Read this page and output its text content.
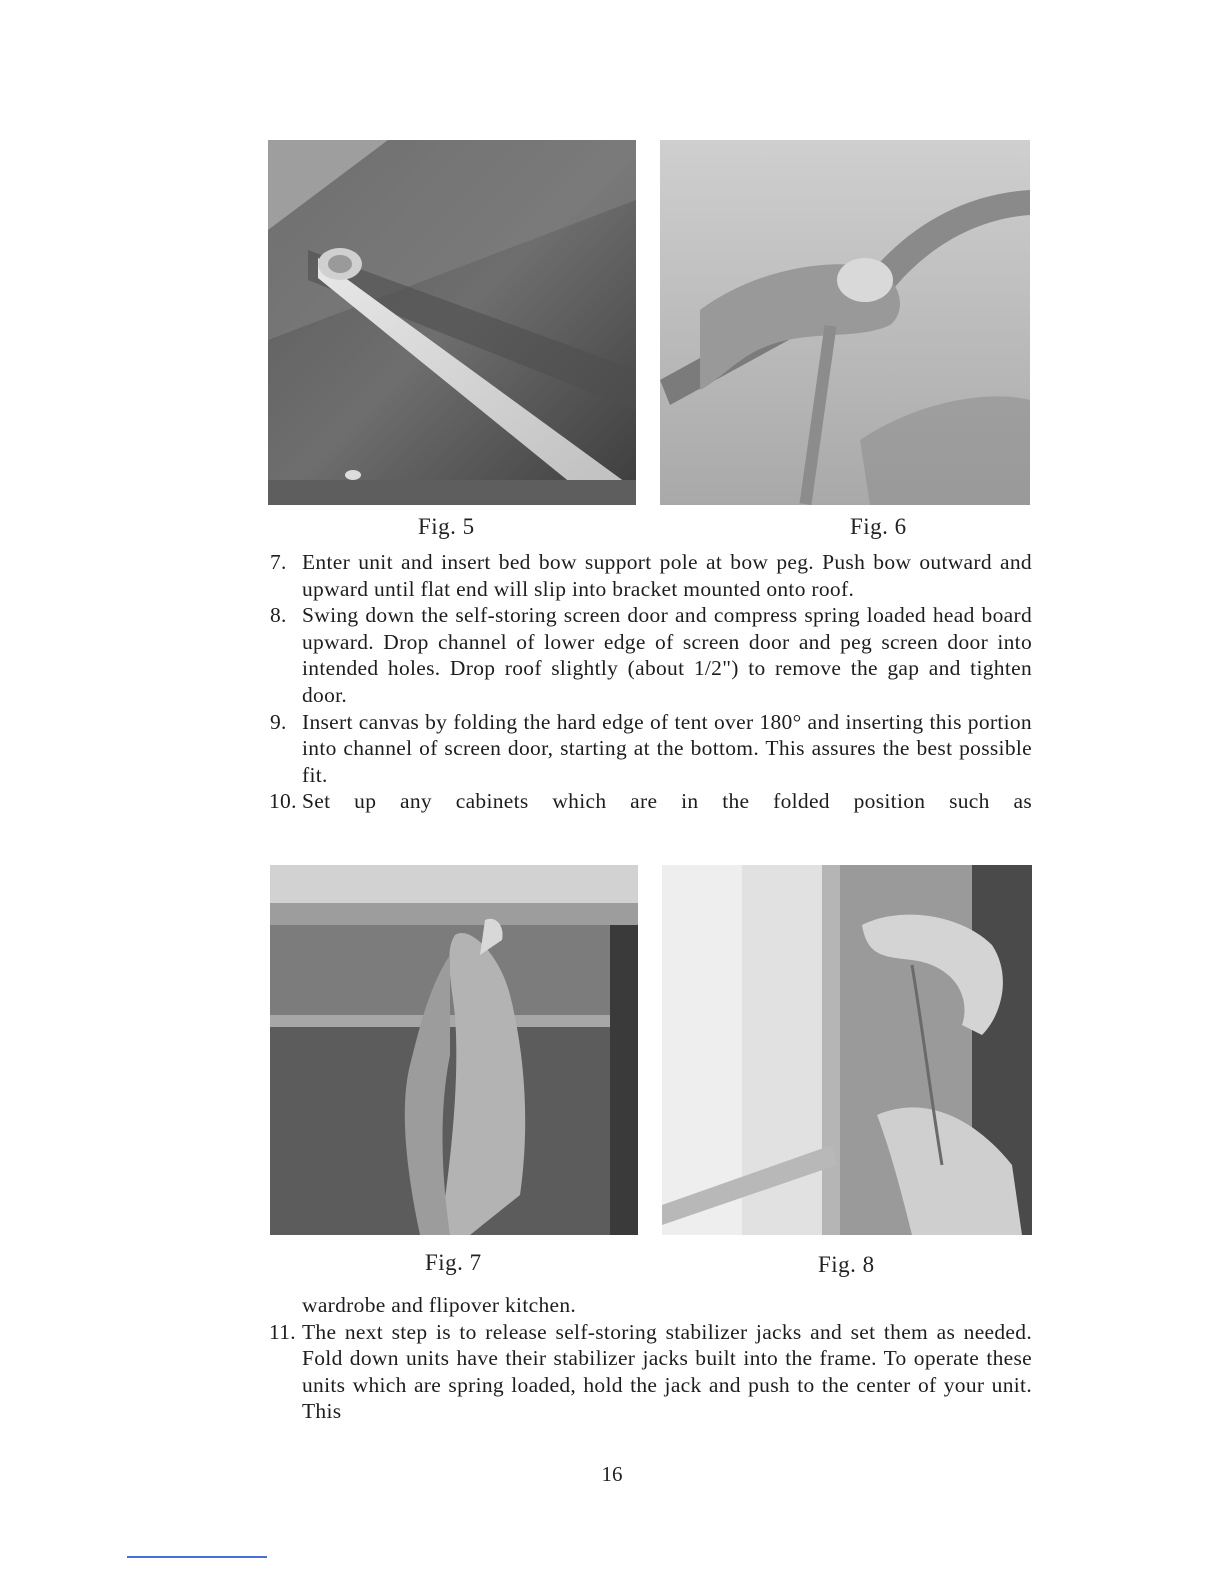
Fig. 5	Fig. 6
7. Enter unit and insert bed bow support pole at bow peg. Push bow outward and upward until flat end will slip into bracket mounted onto roof.

8. Swing down the self-storing screen door and compress spring loaded head board upward. Drop channel of lower edge of screen door and peg screen door into intended holes. Drop roof slightly (about 1/2") to remove the gap and tighten door.

9. Insert canvas by folding the hard edge of tent over 180° and inserting this portion into channel of screen door, starting at the bottom. This assures the best possible fit.

10. Set up any cabinets which are in the folded position such as

Fig. 7	Fig. 8
wardrobe and flipover kitchen.
11. The next step is to release self-storing stabilizer jacks and set them as needed. Fold down units have their stabilizer jacks built into the frame. To operate these units which are spring loaded, hold the jack and push to the center of your unit. This

16
